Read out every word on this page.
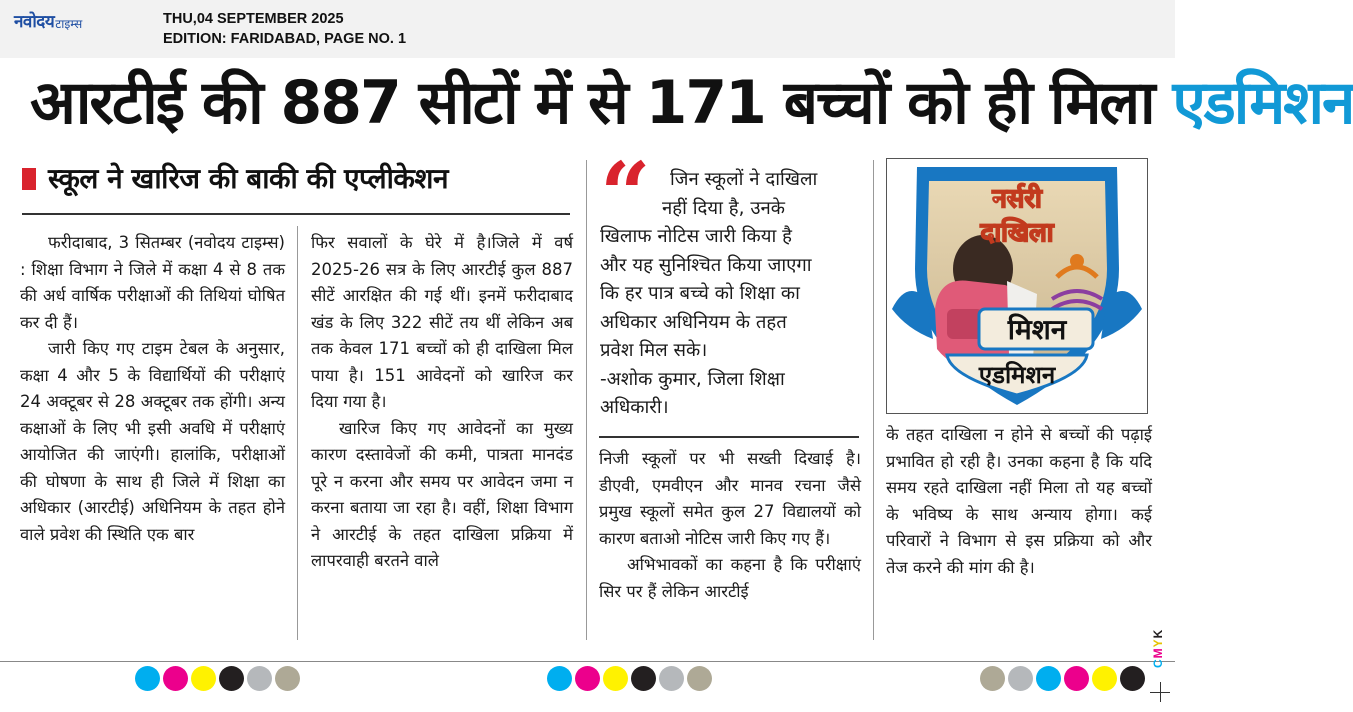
नवोदय टाइम्स	THU,04 SEPTEMBER 2025
EDITION: FARIDABAD, PAGE NO. 1
आरटीई की 887 सीटों में से 171 बच्चों को ही मिला एडमिशन
स्कूल ने खारिज की बाकी की एप्लीकेशन

फरीदाबाद, 3 सितम्बर (नवोदय टाइम्स) : शिक्षा विभाग ने जिले में कक्षा 4 से 8 तक की अर्ध वार्षिक परीक्षाओं की तिथियां घोषित कर दी हैं।

जारी किए गए टाइम टेबल के अनुसार, कक्षा 4 और 5 के विद्यार्थियों की परीक्षाएं 24 अक्टूबर से 28 अक्टूबर तक होंगी। अन्य कक्षाओं के लिए भी इसी अवधि में परीक्षाएं आयोजित की जाएंगी। हालांकि, परीक्षाओं की घोषणा के साथ ही जिले में शिक्षा का अधिकार (आरटीई) अधिनियम के तहत होने वाले प्रवेश की स्थिति एक बार

फिर सवालों के घेरे में है।जिले में वर्ष 2025-26 सत्र के लिए आरटीई कुल 887 सीटें आरक्षित की गई थीं। इनमें फरीदाबाद खंड के लिए 322 सीटें तय थीं लेकिन अब तक केवल 171 बच्चों को ही दाखिला मिल पाया है। 151 आवेदनों को खारिज कर दिया गया है।

खारिज किए गए आवेदनों का मुख्य कारण दस्तावेजों की कमी, पात्रता मानदंड पूरे न करना और समय पर आवेदन जमा न करना बताया जा रहा है। वहीं, शिक्षा विभाग ने आरटीई के तहत दाखिला प्रक्रिया में लापरवाही बरतने वाले

“	जिन स्कूलों ने दाखिला
नहीं दिया है, उनके
खिलाफ नोटिस जारी किया है
और यह सुनिश्चित किया जाएगा
कि हर पात्र बच्चे को शिक्षा का
अधिकार अधिनियम के तहत
प्रवेश मिल सके।
-अशोक कुमार, जिला शिक्षा
अधिकारी।

निजी स्कूलों पर भी सख्ती दिखाई है। डीएवी, एमवीएन और मानव रचना जैसे प्रमुख स्कूलों समेत कुल 27 विद्यालयों को कारण बताओ नोटिस जारी किए गए हैं।

अभिभावकों का कहना है कि परीक्षाएं सिर पर हैं लेकिन आरटीई

नर्सरी
दाखिला
मिशन
एडमिशन

के तहत दाखिला न होने से बच्चों की पढ़ाई प्रभावित हो रही है। उनका कहना है कि यदि समय रहते दाखिला नहीं मिला तो यह बच्चों के भविष्य के साथ अन्याय होगा। कई परिवारों ने विभाग से इस प्रक्रिया को और तेज करने की मांग की है।

CMYK
